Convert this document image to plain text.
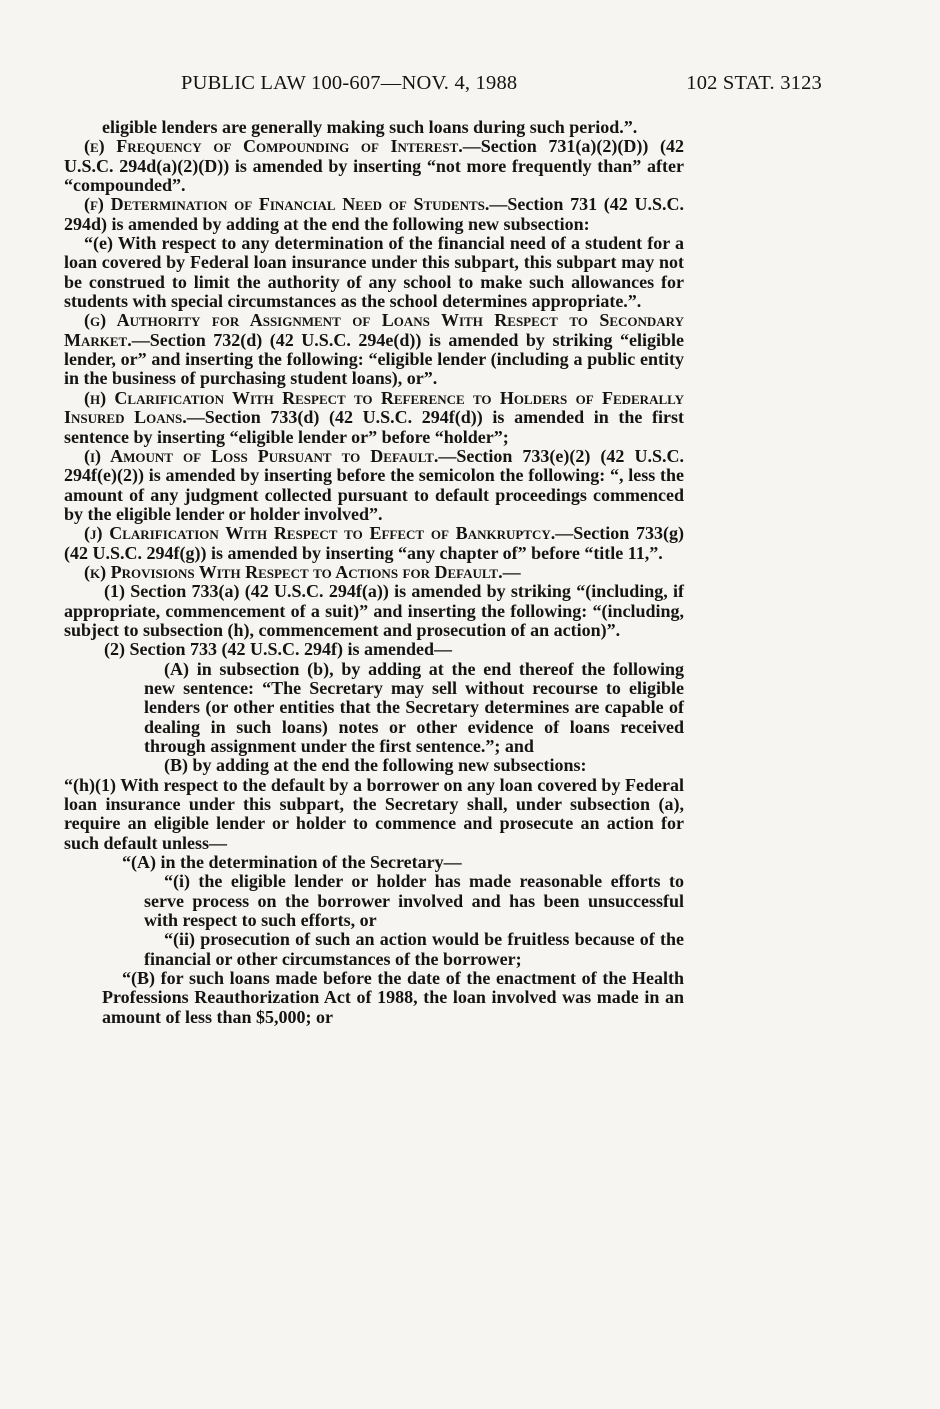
PUBLIC LAW 100-607—NOV. 4, 1988	102 STAT. 3123

eligible lenders are generally making such loans during such period.”.

(e) Frequency of Compounding of Interest.—Section 731(a)(2)(D)) (42 U.S.C. 294d(a)(2)(D)) is amended by inserting “not more frequently than” after “compounded”.

(f) Determination of Financial Need of Students.—Section 731 (42 U.S.C. 294d) is amended by adding at the end the following new subsection:

“(e) With respect to any determination of the financial need of a student for a loan covered by Federal loan insurance under this subpart, this subpart may not be construed to limit the authority of any school to make such allowances for students with special circumstances as the school determines appropriate.”.

(g) Authority for Assignment of Loans With Respect to Secondary Market.—Section 732(d) (42 U.S.C. 294e(d)) is amended by striking “eligible lender, or” and inserting the following: “eligible lender (including a public entity in the business of purchasing student loans), or”.

(h) Clarification With Respect to Reference to Holders of Federally Insured Loans.—Section 733(d) (42 U.S.C. 294f(d)) is amended in the first sentence by inserting “eligible lender or” before “holder”;

(i) Amount of Loss Pursuant to Default.—Section 733(e)(2) (42 U.S.C. 294f(e)(2)) is amended by inserting before the semicolon the following: “, less the amount of any judgment collected pursuant to default proceedings commenced by the eligible lender or holder involved”.

(j) Clarification With Respect to Effect of Bankruptcy.—Section 733(g) (42 U.S.C. 294f(g)) is amended by inserting “any chapter of” before “title 11,”.

(k) Provisions With Respect to Actions for Default.—

(1) Section 733(a) (42 U.S.C. 294f(a)) is amended by striking “(including, if appropriate, commencement of a suit)” and inserting the following: “(including, subject to subsection (h), commencement and prosecution of an action)”.

(2) Section 733 (42 U.S.C. 294f) is amended—

(A) in subsection (b), by adding at the end thereof the following new sentence: “The Secretary may sell without recourse to eligible lenders (or other entities that the Secretary determines are capable of dealing in such loans) notes or other evidence of loans received through assignment under the first sentence.”; and

(B) by adding at the end the following new subsections:

“(h)(1) With respect to the default by a borrower on any loan covered by Federal loan insurance under this subpart, the Secretary shall, under subsection (a), require an eligible lender or holder to commence and prosecute an action for such default unless—

“(A) in the determination of the Secretary—

“(i) the eligible lender or holder has made reasonable efforts to serve process on the borrower involved and has been unsuccessful with respect to such efforts, or

“(ii) prosecution of such an action would be fruitless because of the financial or other circumstances of the borrower;

“(B) for such loans made before the date of the enactment of the Health Professions Reauthorization Act of 1988, the loan involved was made in an amount of less than $5,000; or
